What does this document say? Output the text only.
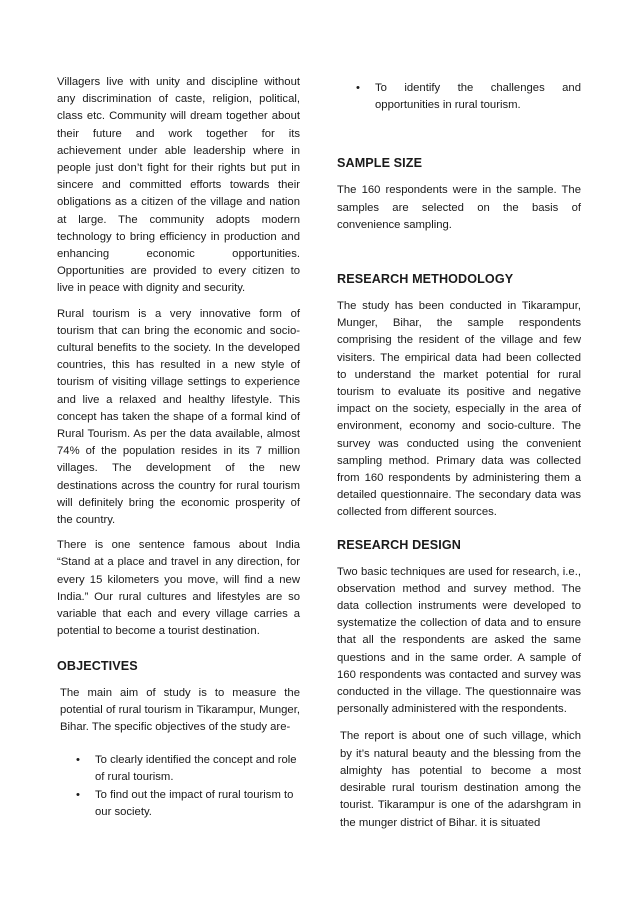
Villagers live with unity and discipline without any discrimination of caste, religion, political, class etc. Community will dream together about their future and work together for its achievement under able leadership where in people just don’t fight for their rights but put in sincere and committed efforts towards their obligations as a citizen of the village and nation at large. The community adopts modern technology to bring efficiency in production and enhancing economic opportunities. Opportunities are provided to every citizen to live in peace with dignity and security.

Rural tourism is a very innovative form of tourism that can bring the economic and socio-cultural benefits to the society. In the developed countries, this has resulted in a new style of tourism of visiting village settings to experience and live a relaxed and healthy lifestyle. This concept has taken the shape of a formal kind of Rural Tourism. As per the data available, almost 74% of the population resides in its 7 million villages. The development of the new destinations across the country for rural tourism will definitely bring the economic prosperity of the country.

There is one sentence famous about India “Stand at a place and travel in any direction, for every 15 kilometers you move, will find a new India.” Our rural cultures and lifestyles are so variable that each and every village carries a potential to become a tourist destination.

OBJECTIVES

The main aim of study is to measure the potential of rural tourism in Tikarampur, Munger, Bihar. The specific objectives of the study are-

• To clearly identified the concept and role of rural tourism.
• To find out the impact of rural tourism to our society.
• To identify the challenges and opportunities in rural tourism.
SAMPLE SIZE

The 160 respondents were in the sample. The samples are selected on the basis of convenience sampling.

RESEARCH METHODOLOGY

The study has been conducted in Tikarampur, Munger, Bihar, the sample respondents comprising the resident of the village and few visiters. The empirical data had been collected to understand the market potential for rural tourism to evaluate its positive and negative impact on the society, especially in the area of environment, economy and socio-culture. The survey was conducted using the convenient sampling method. Primary data was collected from 160 respondents by administering them a detailed questionnaire. The secondary data was collected from different sources.

RESEARCH DESIGN

Two basic techniques are used for research, i.e., observation method and survey method. The data collection instruments were developed to systematize the collection of data and to ensure that all the respondents are asked the same questions and in the same order. A sample of 160 respondents was contacted and survey was conducted in the village. The questionnaire was personally administered with the respondents.

The report is about one of such village, which by it’s natural beauty and the blessing from the almighty has potential to become a most desirable rural tourism destination among the tourist. Tikarampur is one of the adarshgram in the munger district of Bihar. it is situated
